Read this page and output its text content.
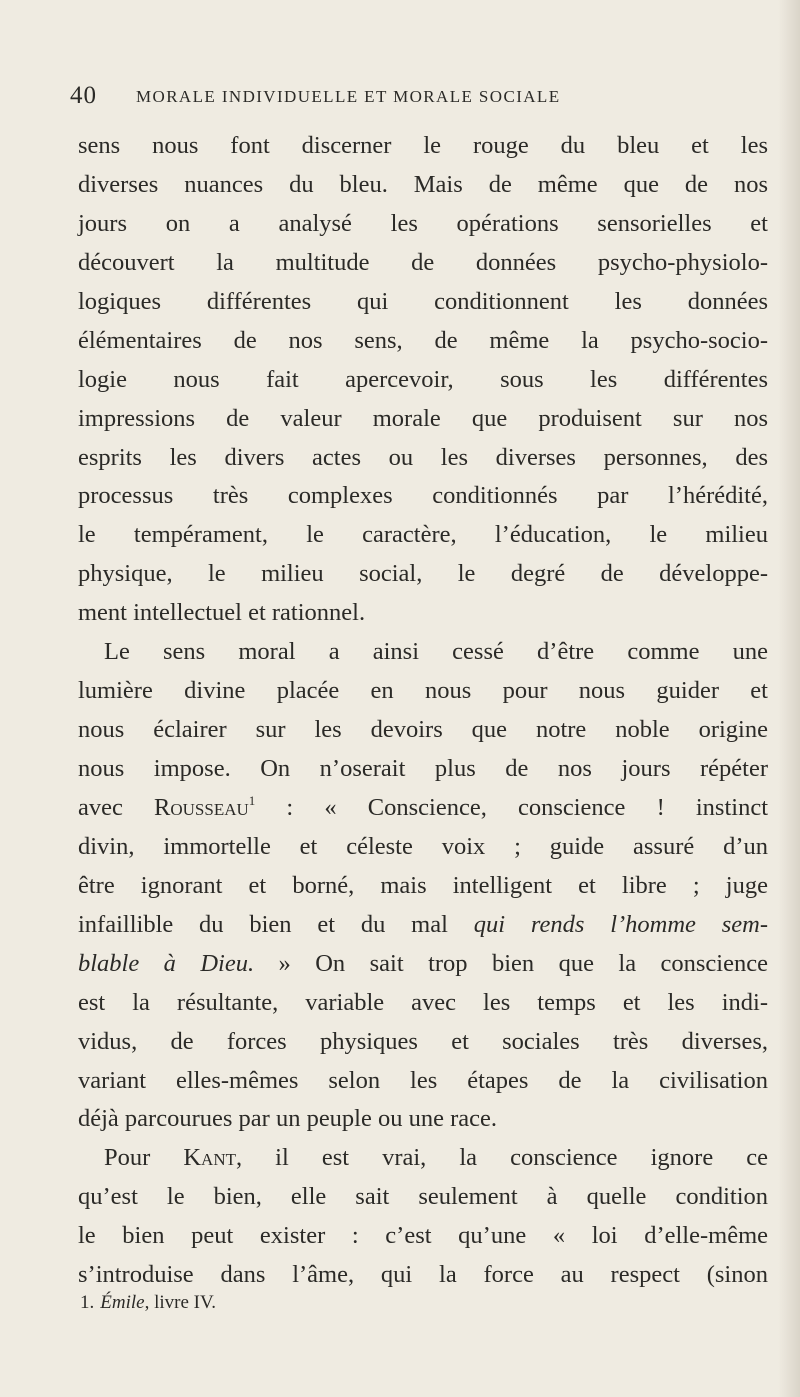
40 MORALE INDIVIDUELLE ET MORALE SOCIALE
sens nous font discerner le rouge du bleu et les
diverses nuances du bleu. Mais de même que de nos
jours on a analysé les opérations sensorielles et
découvert la multitude de données psycho-physiolo-
logiques différentes qui conditionnent les données
élémentaires de nos sens, de même la psycho-socio-
logie nous fait apercevoir, sous les différentes
impressions de valeur morale que produisent sur nos
esprits les divers actes ou les diverses personnes, des
processus très complexes conditionnés par l’hérédité,
le tempérament, le caractère, l’éducation, le milieu
physique, le milieu social, le degré de développe-
ment intellectuel et rationnel.
Le sens moral a ainsi cessé d’être comme une
lumière divine placée en nous pour nous guider et
nous éclairer sur les devoirs que notre noble origine
nous impose. On n’oserait plus de nos jours répéter
avec Rousseau$^1$ : « Conscience, conscience ! instinct
divin, immortelle et céleste voix ; guide assuré d’un
être ignorant et borné, mais intelligent et libre ; juge
infaillible du bien et du mal qui rends l’homme sem-
blable à Dieu. » On sait trop bien que la conscience
est la résultante, variable avec les temps et les indi-
vidus, de forces physiques et sociales très diverses,
variant elles-mêmes selon les étapes de la civilisation
déjà parcourues par un peuple ou une race.
Pour Kant, il est vrai, la conscience ignore ce
qu’est le bien, elle sait seulement à quelle condition
le bien peut exister : c’est qu’une « loi d’elle-même
s’introduise dans l’âme, qui la force au respect (sinon
1. Émile, livre IV.
